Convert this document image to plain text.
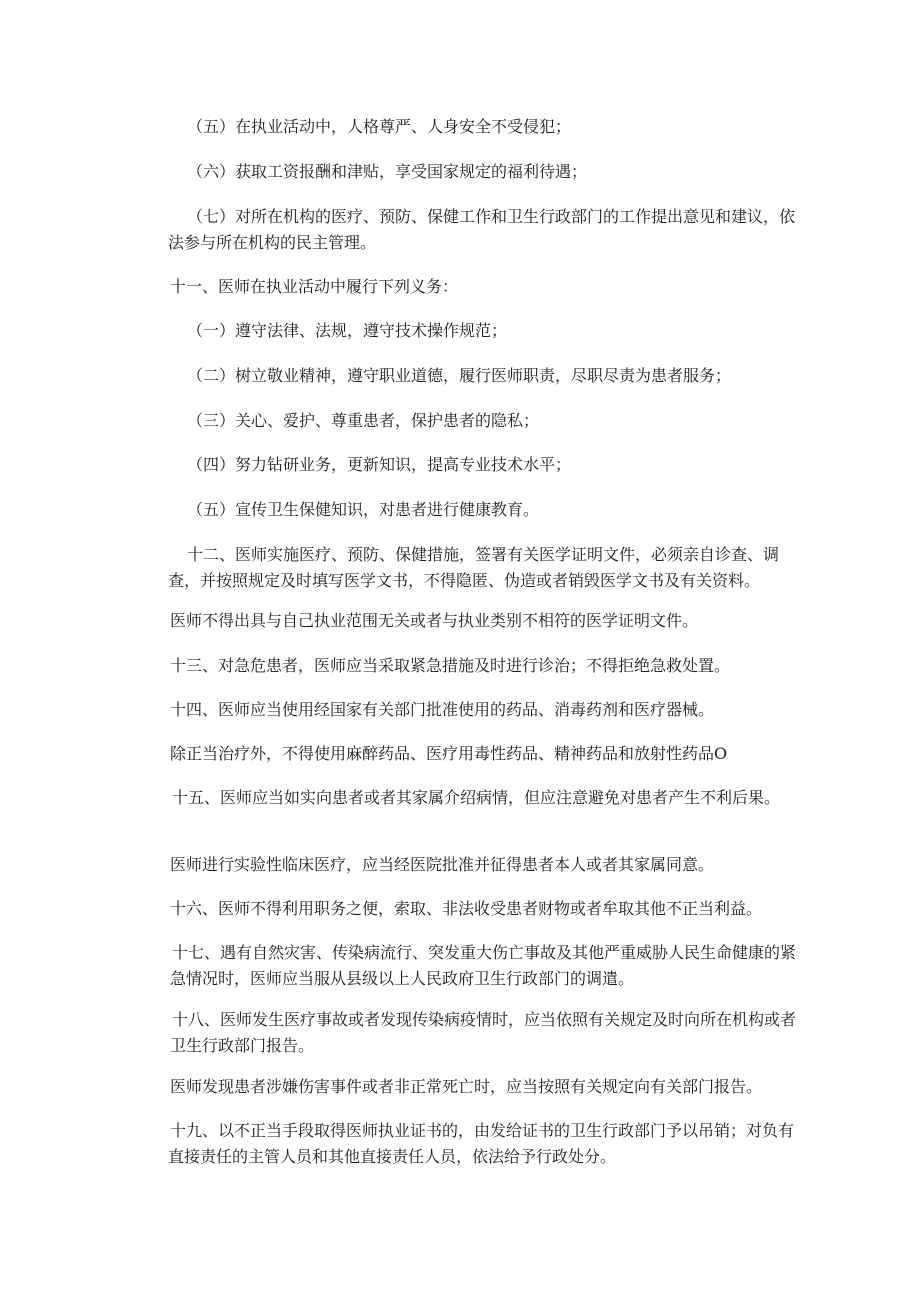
（五）在执业活动中，人格尊严、人身安全不受侵犯；

（六）获取工资报酬和津贴，享受国家规定的福利待遇；

（七）对所在机构的医疗、预防、保健工作和卫生行政部门的工作提出意见和建议，依法参与所在机构的民主管理。

十一、医师在执业活动中履行下列义务：

（一）遵守法律、法规，遵守技术操作规范；

（二）树立敬业精神，遵守职业道德，履行医师职责，尽职尽责为患者服务；

（三）关心、爱护、尊重患者，保护患者的隐私；

（四）努力钻研业务，更新知识，提高专业技术水平；

（五）宣传卫生保健知识，对患者进行健康教育。

十二、医师实施医疗、预防、保健措施，签署有关医学证明文件，必须亲自诊查、调查，并按照规定及时填写医学文书，不得隐匿、伪造或者销毁医学文书及有关资料。

医师不得出具与自己执业范围无关或者与执业类别不相符的医学证明文件。

十三、对急危患者，医师应当采取紧急措施及时进行诊治；不得拒绝急救处置。

十四、医师应当使用经国家有关部门批准使用的药品、消毒药剂和医疗器械。

除正当治疗外，不得使用麻醉药品、医疗用毒性药品、精神药品和放射性药品O

十五、医师应当如实向患者或者其家属介绍病情，但应注意避免对患者产生不利后果。

医师进行实验性临床医疗，应当经医院批准并征得患者本人或者其家属同意。

十六、医师不得利用职务之便，索取、非法收受患者财物或者牟取其他不正当利益。

十七、遇有自然灾害、传染病流行、突发重大伤亡事故及其他严重威胁人民生命健康的紧急情况时，医师应当服从县级以上人民政府卫生行政部门的调遣。

十八、医师发生医疗事故或者发现传染病疫情时，应当依照有关规定及时向所在机构或者卫生行政部门报告。

医师发现患者涉嫌伤害事件或者非正常死亡时，应当按照有关规定向有关部门报告。

十九、以不正当手段取得医师执业证书的，由发给证书的卫生行政部门予以吊销；对负有直接责任的主管人员和其他直接责任人员，依法给予行政处分。
